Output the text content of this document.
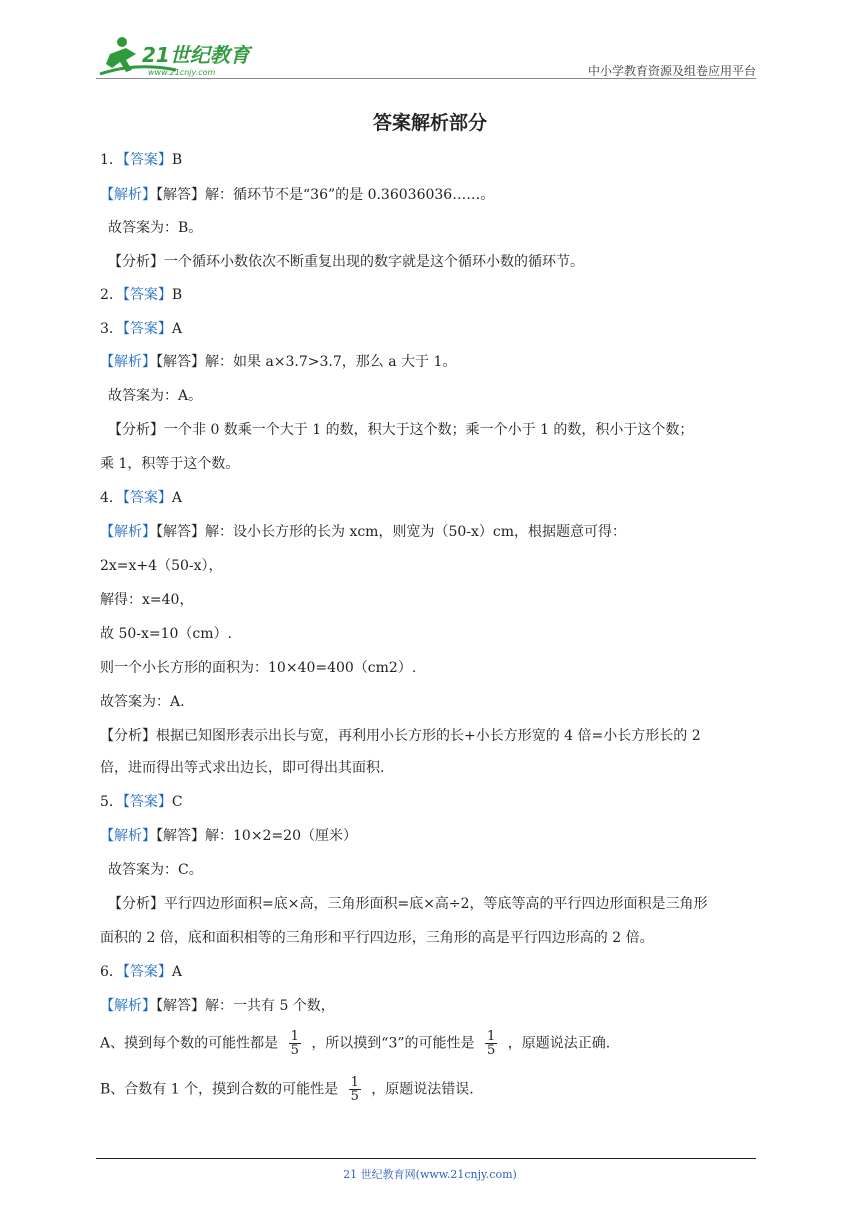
21世纪教育
www.21cnjy.com	中小学教育资源及组卷应用平台
答案解析部分
1．【答案】B
【解析】【解答】解：循环节不是“36”的是 0.36036036……。
故答案为：B。
【分析】一个循环小数依次不断重复出现的数字就是这个循环小数的循环节。
2．【答案】B
3．【答案】A
【解析】【解答】解：如果 a×3.7>3.7，那么 a 大于 1。
故答案为：A。
【分析】一个非 0 数乘一个大于 1 的数，积大于这个数；乘一个小于 1 的数，积小于这个数；
乘 1，积等于这个数。
4．【答案】A
【解析】【解答】解：设小长方形的长为 xcm，则宽为（50-x）cm，根据题意可得：
2x=x+4（50-x），
解得：x=40，
故 50-x=10（cm）.
则一个小长方形的面积为：10×40=400（cm2）.
故答案为：A.
【分析】根据已知图形表示出长与宽，再利用小长方形的长+小长方形宽的 4 倍=小长方形长的 2
倍，进而得出等式求出边长，即可得出其面积.
5．【答案】C
【解析】【解答】解：10×2=20（厘米）
故答案为：C。
【分析】平行四边形面积=底×高，三角形面积=底×高÷2，等底等高的平行四边形面积是三角形
面积的 2 倍，底和面积相等的三角形和平行四边形，三角形的高是平行四边形高的 2 倍。
6．【答案】A
【解析】【解答】解：一共有 5 个数，
A、摸到每个数的可能性都是 $\frac{1}{5}$ ，所以摸到“3”的可能性是 $\frac{1}{5}$ ，原题说法正确.
B、合数有 1 个，摸到合数的可能性是 $\frac{1}{5}$ ，原题说法错误.
21 世纪教育网(www.21cnjy.com)
